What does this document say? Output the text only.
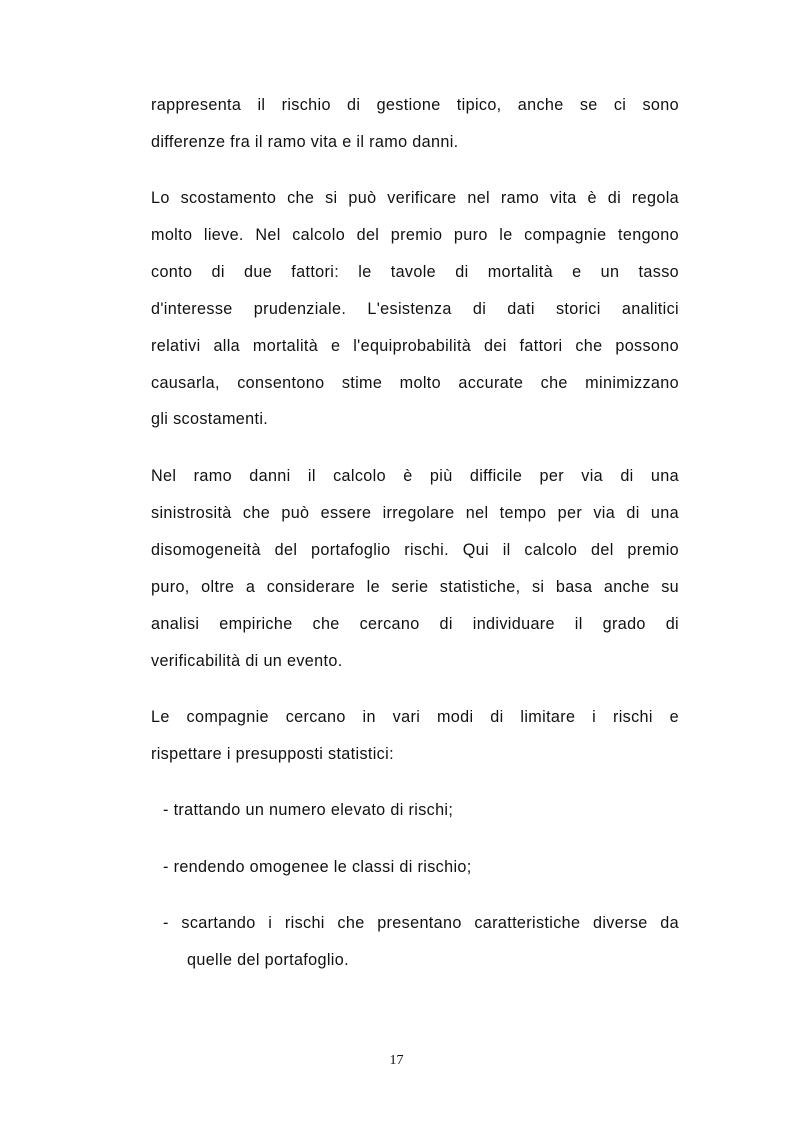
rappresenta il rischio di gestione tipico, anche se ci sono
differenze fra il ramo vita e il ramo danni.
Lo scostamento che si può verificare nel ramo vita è di regola
molto lieve. Nel calcolo del premio puro le compagnie tengono
conto di due fattori: le tavole di mortalità e un tasso
d'interesse prudenziale. L'esistenza di dati storici analitici
relativi alla mortalità e l'equiprobabilità dei fattori che possono
causarla, consentono stime molto accurate che minimizzano
gli scostamenti.
Nel ramo danni il calcolo è più difficile per via di una
sinistrosità che può essere irregolare nel tempo per via di una
disomogeneità del portafoglio rischi. Qui il calcolo del premio
puro, oltre a considerare le serie statistiche, si basa anche su
analisi empiriche che cercano di individuare il grado di
verificabilità di un evento.
Le compagnie cercano in vari modi di limitare i rischi e
rispettare i presupposti statistici:
- trattando un numero elevato di rischi;
- rendendo omogenee le classi di rischio;
- scartando i rischi che presentano caratteristiche diverse da
quelle del portafoglio.
17
